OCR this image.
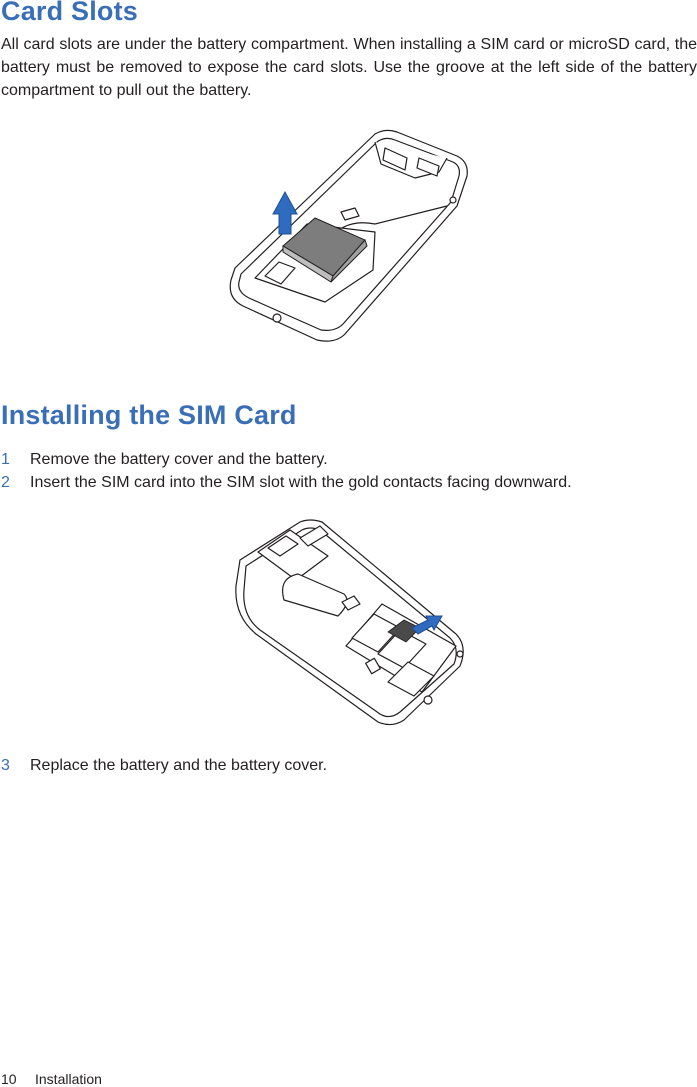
Card Slots

All card slots are under the battery compartment. When installing a SIM card or microSD card, the battery must be removed to expose the card slots. Use the groove at the left side of the battery compartment to pull out the battery.

Installing the SIM Card
1 Remove the battery cover and the battery.
2 Insert the SIM card into the SIM slot with the gold contacts facing downward.
3 Replace the battery and the battery cover.
10 Installation
